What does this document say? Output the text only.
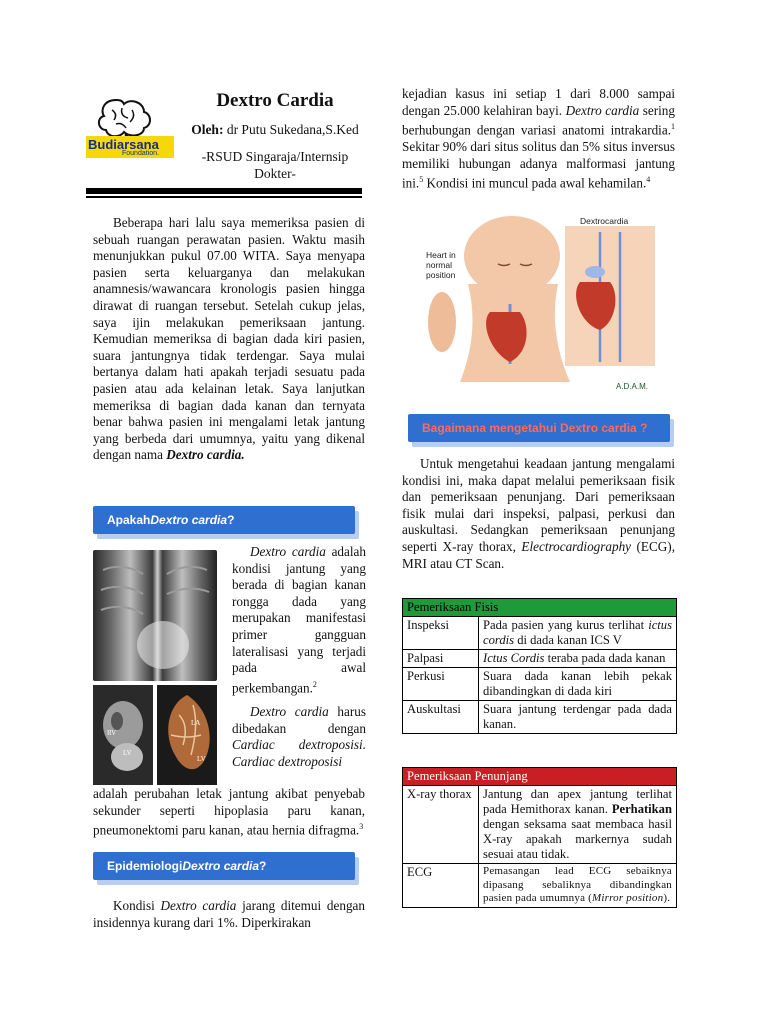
Budiarsana
Foundation.
Dextro Cardia
Oleh: dr Putu Sukedana,S.Ked
-RSUD Singaraja/Internsip
Dokter-
Beberapa hari lalu saya memeriksa pasien di sebuah ruangan perawatan pasien. Waktu masih menunjukkan pukul 07.00 WITA. Saya menyapa pasien serta keluarganya dan melakukan anamnesis/wawancara kronologis pasien hingga dirawat di ruangan tersebut. Setelah cukup jelas, saya ijin melakukan pemeriksaan jantung. Kemudian memeriksa di bagian dada kiri pasien, suara jantungnya tidak terdengar. Saya mulai bertanya dalam hati apakah terjadi sesuatu pada pasien atau ada kelainan letak. Saya lanjutkan memeriksa di bagian dada kanan dan ternyata benar bahwa pasien ini mengalami letak jantung yang berbeda dari umumnya, yaitu yang dikenal dengan nama Dextro cardia.
Apakah Dextro cardia ?
RV
LV
LA
LV
Dextro cardia adalah kondisi jantung yang berada di bagian kanan rongga dada yang merupakan manifestasi primer gangguan lateralisasi yang terjadi pada awal perkembangan.$^2$
Dextro cardia harus dibedakan dengan Cardiac dextroposisi. Cardiac dextroposisi
adalah perubahan letak jantung akibat penyebab sekunder seperti hipoplasia paru kanan, pneumonektomi paru kanan, atau hernia difragma.$^3$
Epidemiologi Dextro cardia ?
Kondisi Dextro cardia jarang ditemui dengan insidennya kurang dari 1%. Diperkirakan
kejadian kasus ini setiap 1 dari 8.000 sampai dengan 25.000 kelahiran bayi. Dextro cardia sering berhubungan dengan variasi anatomi intrakardia.$^1$ Sekitar 90% dari situs solitus dan 5% situs inversus memiliki hubungan adanya malformasi jantung ini.$^5$ Kondisi ini muncul pada awal kehamilan.$^4$
Heart in normal position
Dextrocardia
A.D.A.M.
Bagaimana mengetahui Dextro cardia ?
Untuk mengetahui keadaan jantung mengalami kondisi ini, maka dapat melalui pemeriksaan fisik dan pemeriksaan penunjang. Dari pemeriksaan fisik mulai dari inspeksi, palpasi, perkusi dan auskultasi. Sedangkan pemeriksaan penunjang seperti X-ray thorax, Electrocardiography (ECG), MRI atau CT Scan.
Pemeriksaan Fisis	
Inspeksi	Pada pasien yang kurus terlihat ictus cordis di dada kanan ICS V
Palpasi	Ictus Cordis teraba pada dada kanan
Perkusi	Suara dada kanan lebih pekak dibandingkan di dada kiri
Auskultasi	Suara jantung terdengar pada dada kanan.
Pemeriksaan Penunjang	
X-ray thorax	Jantung dan apex jantung terlihat pada Hemithorax kanan. Perhatikan dengan seksama saat membaca hasil X-ray apakah markernya sudah sesuai atau tidak.
ECG	Pemasangan lead ECG sebaiknya dipasang sebaliknya dibandingkan pasien pada umumnya (Mirror position).
